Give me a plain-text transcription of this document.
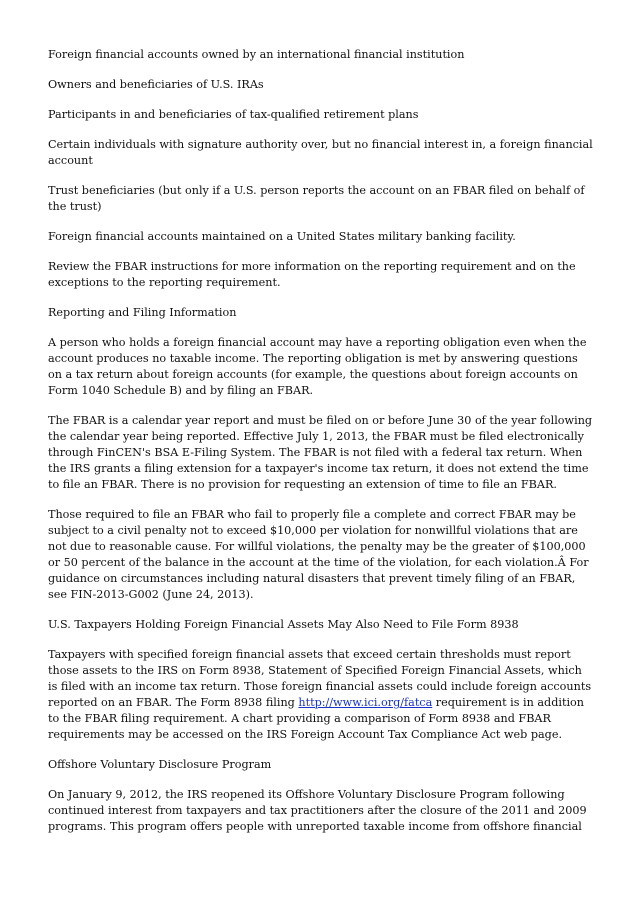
Foreign financial accounts owned by an international financial institution

Owners and beneficiaries of U.S. IRAs

Participants in and beneficiaries of tax-qualified retirement plans

Certain individuals with signature authority over, but no financial interest in, a foreign financial account

Trust beneficiaries (but only if a U.S. person reports the account on an FBAR filed on behalf of the trust)

Foreign financial accounts maintained on a United States military banking facility.

Review the FBAR instructions for more information on the reporting requirement and on the exceptions to the reporting requirement.

Reporting and Filing Information

A person who holds a foreign financial account may have a reporting obligation even when the account produces no taxable income. The reporting obligation is met by answering questions on a tax return about foreign accounts (for example, the questions about foreign accounts on Form 1040 Schedule B) and by filing an FBAR.

The FBAR is a calendar year report and must be filed on or before June 30 of the year following the calendar year being reported. Effective July 1, 2013, the FBAR must be filed electronically through FinCEN's BSA E-Filing System. The FBAR is not filed with a federal tax return. When the IRS grants a filing extension for a taxpayer's income tax return, it does not extend the time to file an FBAR. There is no provision for requesting an extension of time to file an FBAR.

Those required to file an FBAR who fail to properly file a complete and correct FBAR may be subject to a civil penalty not to exceed $10,000 per violation for nonwillful violations that are not due to reasonable cause. For willful violations, the penalty may be the greater of $100,000 or 50 percent of the balance in the account at the time of the violation, for each violation.Â For guidance on circumstances including natural disasters that prevent timely filing of an FBAR, see FIN-2013-G002 (June 24, 2013).

U.S. Taxpayers Holding Foreign Financial Assets May Also Need to File Form 8938

Taxpayers with specified foreign financial assets that exceed certain thresholds must report those assets to the IRS on Form 8938, Statement of Specified Foreign Financial Assets, which is filed with an income tax return. Those foreign financial assets could include foreign accounts reported on an FBAR. The Form 8938 filing http://www.ici.org/fatca requirement is in addition to the FBAR filing requirement. A chart providing a comparison of Form 8938 and FBAR requirements may be accessed on the IRS Foreign Account Tax Compliance Act web page.

Offshore Voluntary Disclosure Program

On January 9, 2012, the IRS reopened its Offshore Voluntary Disclosure Program following continued interest from taxpayers and tax practitioners after the closure of the 2011 and 2009 programs. This program offers people with unreported taxable income from offshore financial
